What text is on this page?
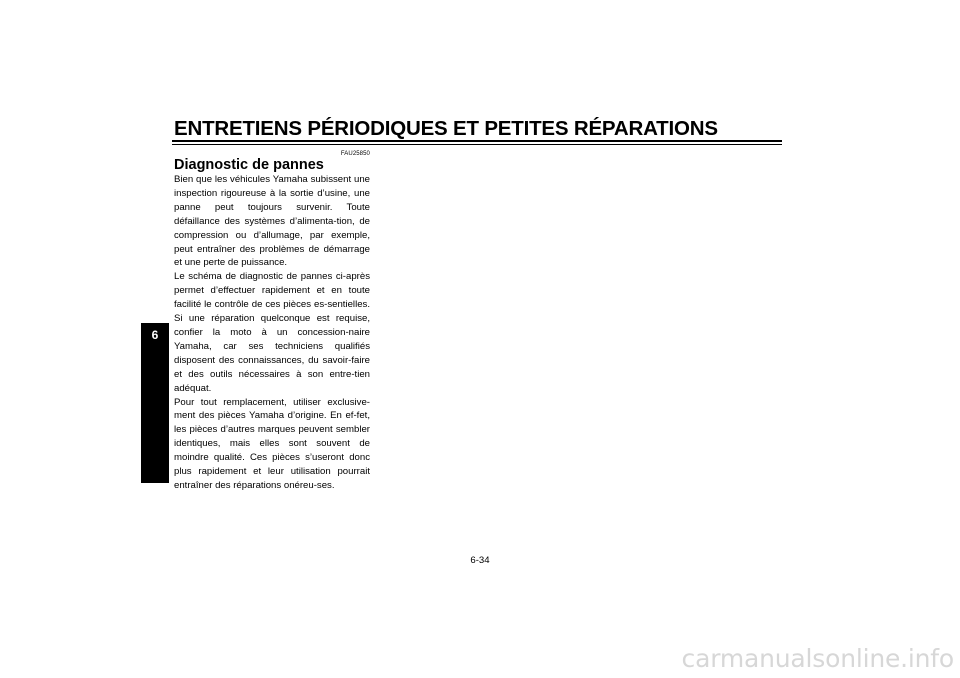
ENTRETIENS PÉRIODIQUES ET PETITES RÉPARATIONS
6
FAU25850
Diagnostic de pannes

Bien que les véhicules Yamaha subissent une inspection rigoureuse à la sortie d’usine, une panne peut toujours survenir. Toute défaillance des systèmes d’alimenta-tion, de compression ou d’allumage, par exemple, peut entraîner des problèmes de démarrage et une perte de puissance.

Le schéma de diagnostic de pannes ci-après permet d’effectuer rapidement et en toute facilité le contrôle de ces pièces es-sentielles. Si une réparation quelconque est requise, confier la moto à un concession-naire Yamaha, car ses techniciens qualifiés disposent des connaissances, du savoir-faire et des outils nécessaires à son entre-tien adéquat.

Pour tout remplacement, utiliser exclusive-ment des pièces Yamaha d’origine. En ef-fet, les pièces d’autres marques peuvent sembler identiques, mais elles sont souvent de moindre qualité. Ces pièces s’useront donc plus rapidement et leur utilisation pourrait entraîner des réparations onéreu-ses.

6-34
carmanualsonline.info
